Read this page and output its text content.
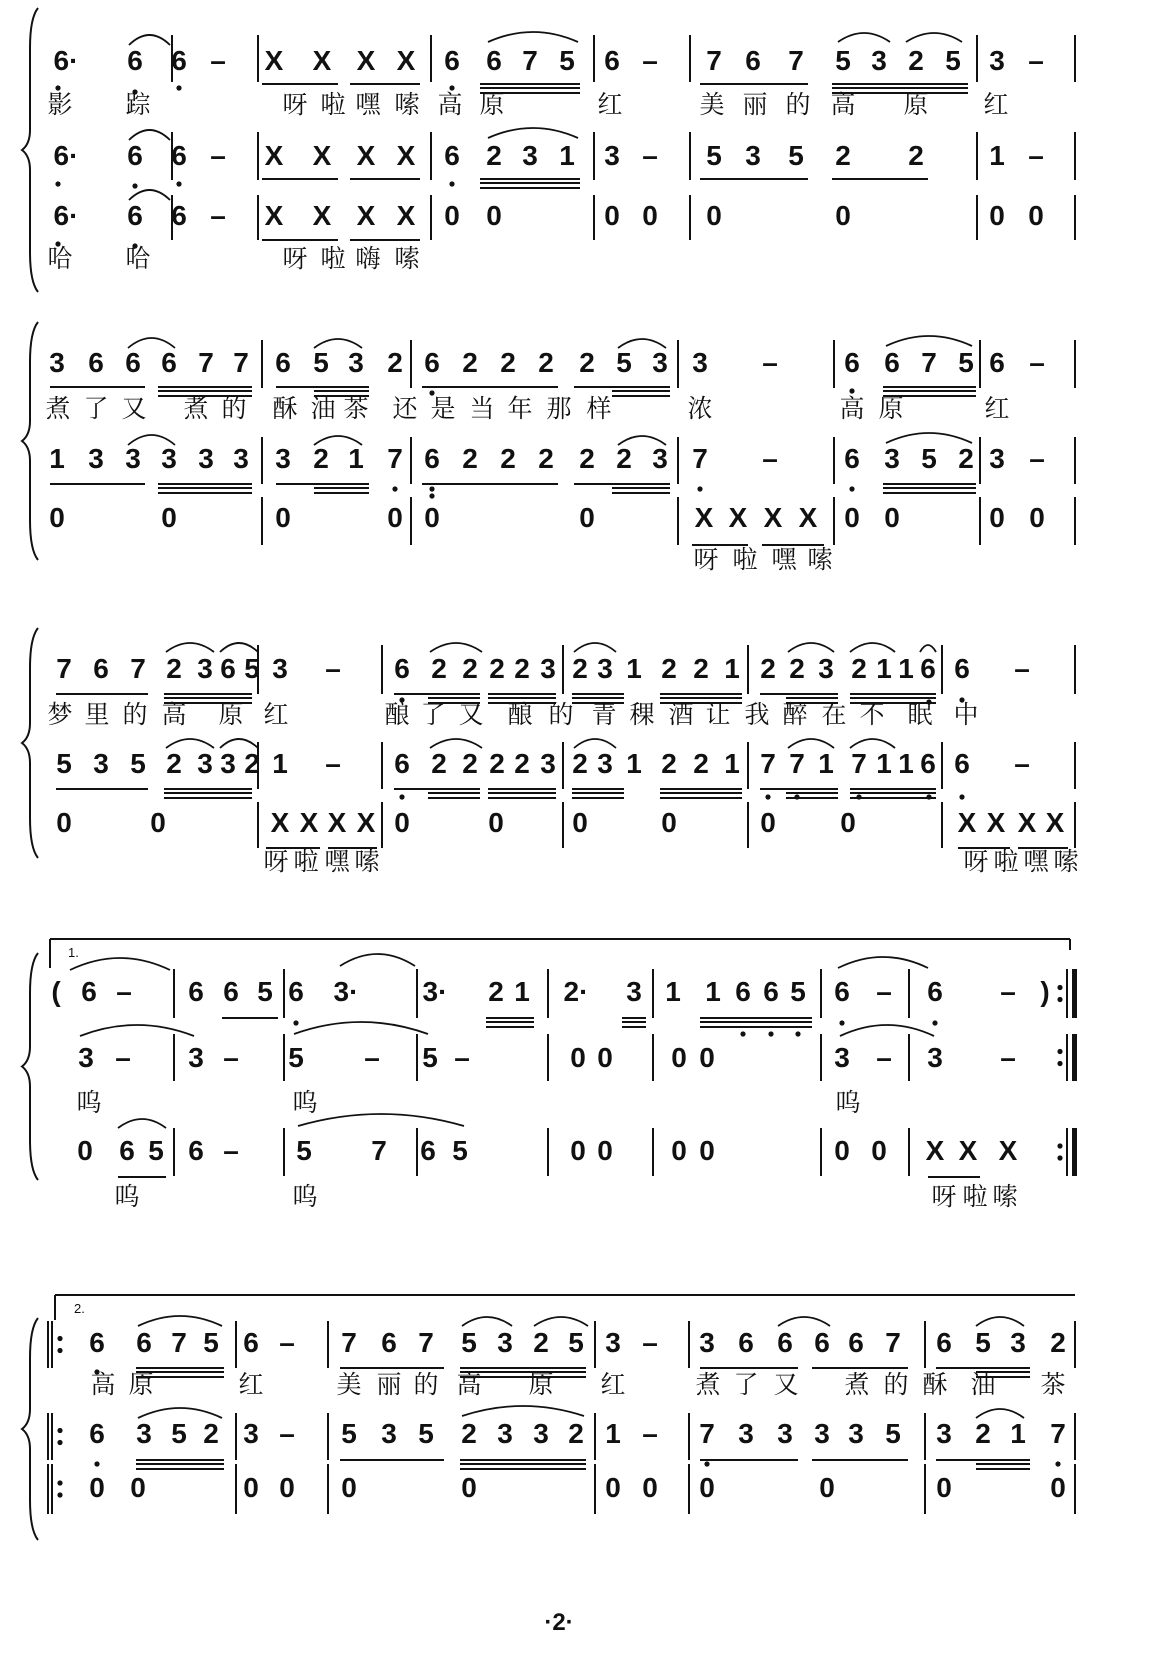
6· 6 6 – X X X X 6 6 7 5 6 – 7 6 7 5 3 2 5 3 –
影 踪	呀 啦 嘿 嗦 高 原	红	美 丽 的 高 原 红
6· 6 6 – X X X X 6 2 3 1 3 – 5 3 5 2 2 1 –
6· 6 6 – X X X X 0 0	0 0 0	0	0 0
哈 哈	呀 啦 嗨 嗦
3 6 6 6 7 7 6 5 3 2 6 2 2 2 2 5 3 3 – 6 6 7 5 6 –
煮 了 又 煮 的 酥 油 茶 还 是 当 年 那 样	浓	高 原	红
1 3 3 3 3 3 3 2 1 7 6 2 2 2 2 2 3 7 – 6 3 5 2 3 –
0	0	0	0 0	0	X X X X 0 0	0 0
呀 啦 嘿 嗦
7 6 7 2 3 6 5 3 – 6 2 2 2 2 3 2 3 1 2 2 1 2 2 3 2 1 1 6 6 –
梦 里 的 高 原 红	酿 了 又 酿 的 青 稞 酒 让 我 醉 在 不 眠 中
5 3 5 2 3 3 2 1 – 6 2 2 2 2 3 2 3 1 2 2 1 7 7 1 7 1 1 6 6 –
0	0	X X X X 0	0 0	0	0 0	X X X X
呀 啦 嘿 嗦	呀 啦 嘿 嗦
1.
( 6 – 6 6 5 6 3· 3· 2 1 2· 3 1 1 6 6 5 6 – 6 – )
3 – 3 – 5 – 5 –	0 0 0 0	3 – 3 –
呜	呜	呜
0 6 5 6 – 5 7 6 5	0 0 0 0	0 0 X X X
呜	呜	呀 啦 嗦
2.
6 6 7 5 6 – 7 6 7 5 3 2 5 3 – 3 6 6 6 6 7 6 5 3 2
高 原	红	美 丽 的 高 原 红	煮 了 又 煮 的 酥 油 茶
6 3 5 2 3 – 5 3 5 2 3 3 2 1 – 7 3 3 3 3 5 3 2 1 7
0 0	0 0 0	0	0 0 0	0	0	0
·2·
